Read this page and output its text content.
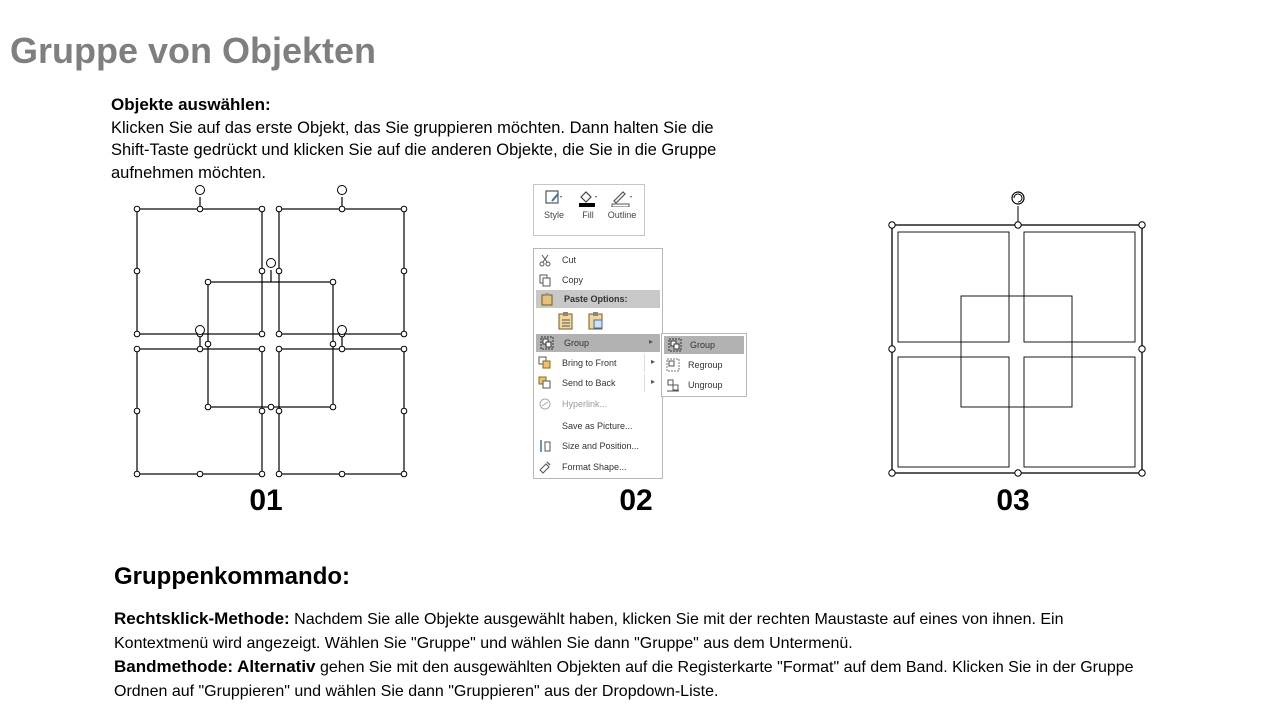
Gruppe von Objekten
Objekte auswählen:
Klicken Sie auf das erste Objekt, das Sie gruppieren möchten. Dann halten Sie die Shift-Taste gedrückt und klicken Sie auf die anderen Objekte, die Sie in die Gruppe aufnehmen möchten.
Style	Fill	Outline
Cut
Copy
Paste Options:

Group	▸
Bring to Front	▸
Send to Back	▸
Hyperlink...
Save as Picture...
Size and Position...
Format Shape...
Group
Regroup
Ungroup
01	02	03
Gruppenkommando:
Rechtsklick-Methode: Nachdem Sie alle Objekte ausgewählt haben, klicken Sie mit der rechten Maustaste auf eines von ihnen. Ein Kontextmenü wird angezeigt. Wählen Sie "Gruppe" und wählen Sie dann "Gruppe" aus dem Untermenü.
Bandmethode: Alternativ gehen Sie mit den ausgewählten Objekten auf die Registerkarte "Format" auf dem Band. Klicken Sie in der Gruppe Ordnen auf "Gruppieren" und wählen Sie dann "Gruppieren" aus der Dropdown-Liste.
